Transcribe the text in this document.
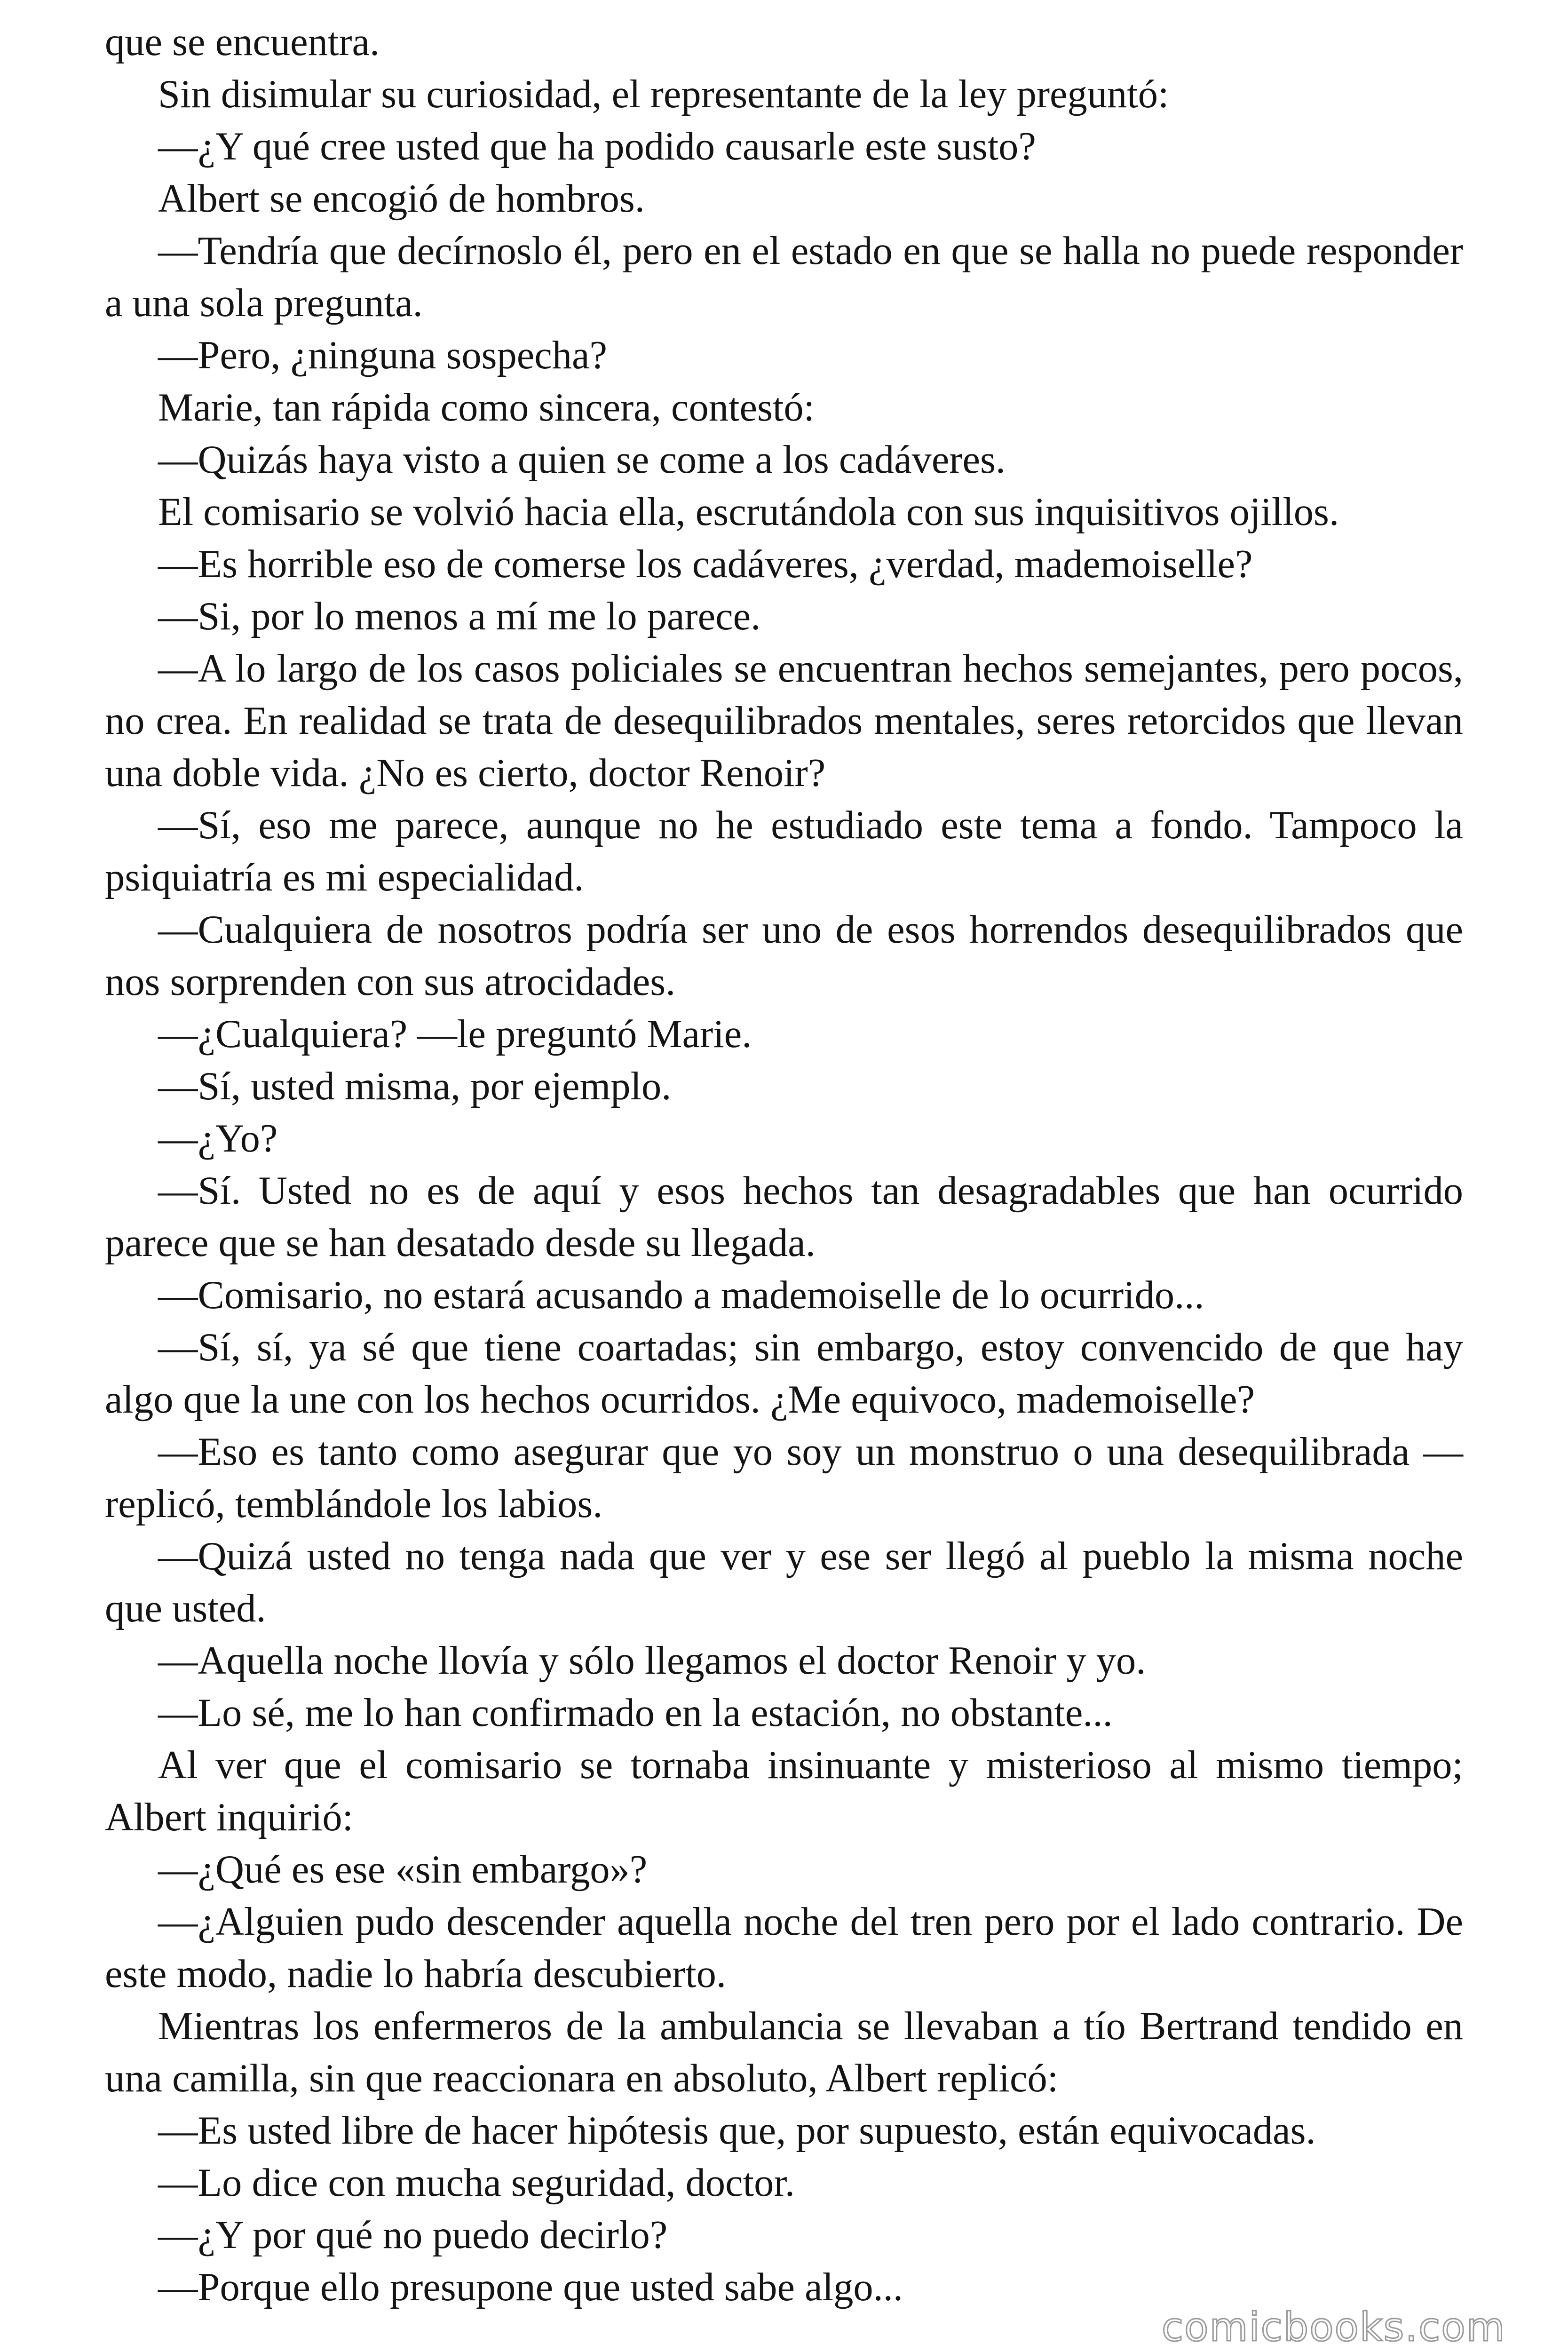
que se encuentra.

Sin disimular su curiosidad, el representante de la ley preguntó:

—¿Y qué cree usted que ha podido causarle este susto?

Albert se encogió de hombros.

—Tendría que decírnoslo él, pero en el estado en que se halla no puede responder a una sola pregunta.

—Pero, ¿ninguna sospecha?

Marie, tan rápida como sincera, contestó:

—Quizás haya visto a quien se come a los cadáveres.

El comisario se volvió hacia ella, escrutándola con sus inquisitivos ojillos.

—Es horrible eso de comerse los cadáveres, ¿verdad, mademoiselle?

—Si, por lo menos a mí me lo parece.

—A lo largo de los casos policiales se encuentran hechos semejantes, pero pocos, no crea. En realidad se trata de desequilibrados mentales, seres retorcidos que llevan una doble vida. ¿No es cierto, doctor Renoir?

—Sí, eso me parece, aunque no he estudiado este tema a fondo. Tampoco la psiquiatría es mi especialidad.

—Cualquiera de nosotros podría ser uno de esos horrendos desequilibrados que nos sorprenden con sus atrocidades.

—¿Cualquiera? —le preguntó Marie.

—Sí, usted misma, por ejemplo.

—¿Yo?

—Sí. Usted no es de aquí y esos hechos tan desagradables que han ocurrido parece que se han desatado desde su llegada.

—Comisario, no estará acusando a mademoiselle de lo ocurrido...

—Sí, sí, ya sé que tiene coartadas; sin embargo, estoy convencido de que hay algo que la une con los hechos ocurridos. ¿Me equivoco, mademoiselle?

—Eso es tanto como asegurar que yo soy un monstruo o una desequilibrada —replicó, temblándole los labios.

—Quizá usted no tenga nada que ver y ese ser llegó al pueblo la misma noche que usted.

—Aquella noche llovía y sólo llegamos el doctor Renoir y yo.

—Lo sé, me lo han confirmado en la estación, no obstante...

Al ver que el comisario se tornaba insinuante y misterioso al mismo tiempo; Albert inquirió:

—¿Qué es ese «sin embargo»?

—¿Alguien pudo descender aquella noche del tren pero por el lado contrario. De este modo, nadie lo habría descubierto.

Mientras los enfermeros de la ambulancia se llevaban a tío Bertrand tendido en una camilla, sin que reaccionara en absoluto, Albert replicó:

—Es usted libre de hacer hipótesis que, por supuesto, están equivocadas.

—Lo dice con mucha seguridad, doctor.

—¿Y por qué no puedo decirlo?

—Porque ello presupone que usted sabe algo...

comicbooks.com
